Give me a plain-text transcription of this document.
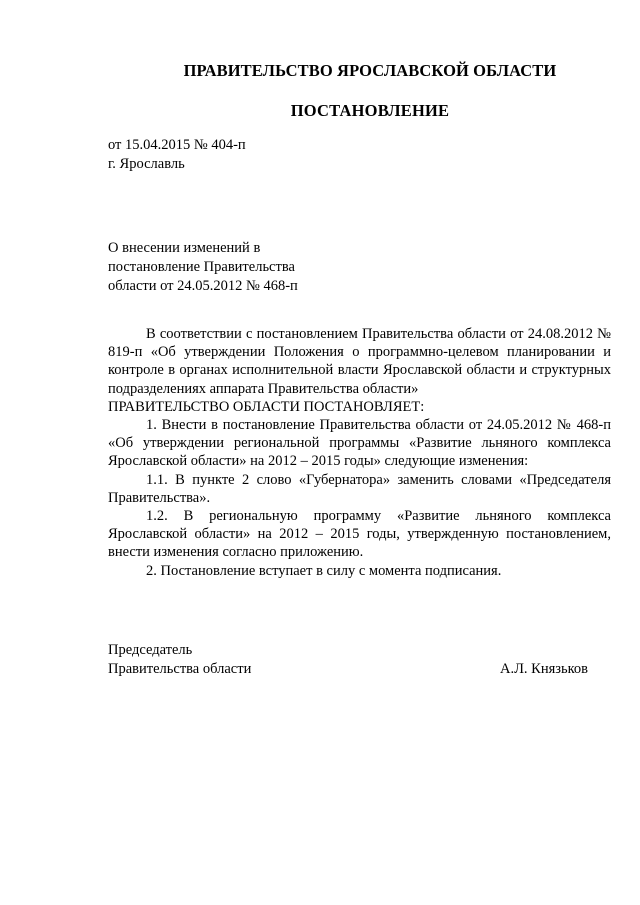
ПРАВИТЕЛЬСТВО ЯРОСЛАВСКОЙ ОБЛАСТИ
ПОСТАНОВЛЕНИЕ
от 15.04.2015 № 404-п
г. Ярославль
О внесении изменений в
постановление Правительства
области от 24.05.2012 № 468-п

В соответствии с постановлением Правительства области от 24.08.2012 № 819-п «Об утверждении Положения о программно-целевом планировании и контроле в органах исполнительной власти Ярославской области и структурных подразделениях аппарата Правительства области»

ПРАВИТЕЛЬСТВО ОБЛАСТИ ПОСТАНОВЛЯЕТ:

1. Внести в постановление Правительства области от 24.05.2012 № 468-п «Об утверждении региональной программы «Развитие льняного комплекса Ярославской области» на 2012 – 2015 годы» следующие изменения:

1.1. В пункте 2 слово «Губернатора» заменить словами «Председателя Правительства».

1.2. В региональную программу «Развитие льняного комплекса Ярославской области» на 2012 – 2015 годы, утвержденную постановлением, внести изменения согласно приложению.

2. Постановление вступает в силу с момента подписания.

Председатель
Правительства области	А.Л. Князьков
